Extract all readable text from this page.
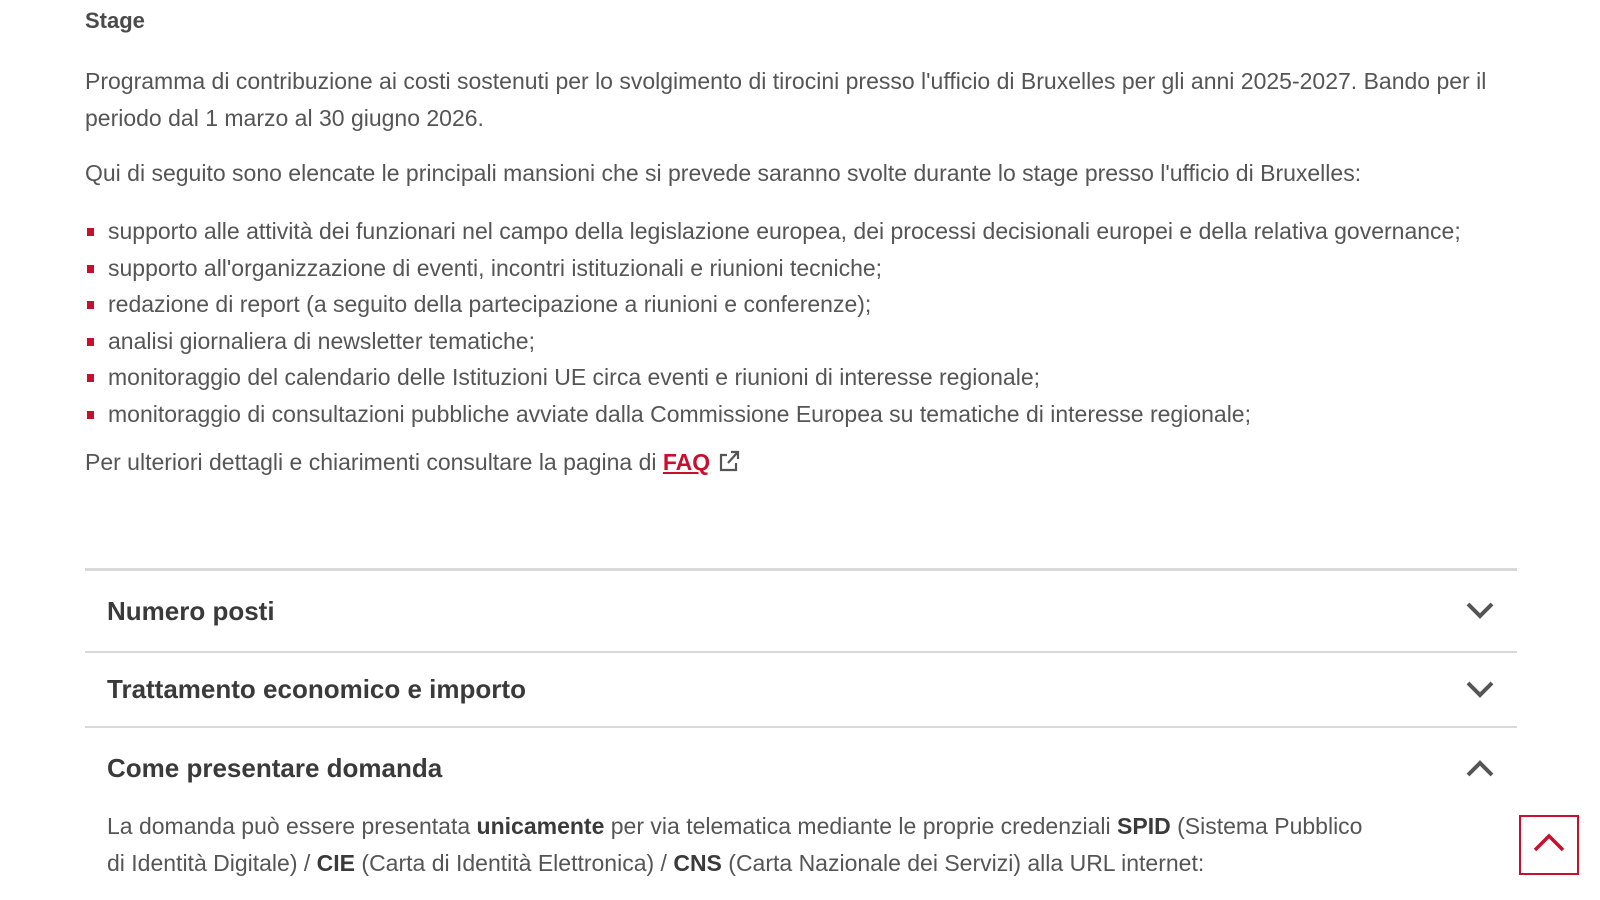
Stage
Programma di contribuzione ai costi sostenuti per lo svolgimento di tirocini presso l'ufficio di Bruxelles per gli anni 2025-2027. Bando per il periodo dal 1 marzo al 30 giugno 2026.
Qui di seguito sono elencate le principali mansioni che si prevede saranno svolte durante lo stage presso l'ufficio di Bruxelles:
supporto alle attività dei funzionari nel campo della legislazione europea, dei processi decisionali europei e della relativa governance;
supporto all'organizzazione di eventi, incontri istituzionali e riunioni tecniche;
redazione di report (a seguito della partecipazione a riunioni e conferenze);
analisi giornaliera di newsletter tematiche;
monitoraggio del calendario delle Istituzioni UE circa eventi e riunioni di interesse regionale;
monitoraggio di consultazioni pubbliche avviate dalla Commissione Europea su tematiche di interesse regionale;
Per ulteriori dettagli e chiarimenti consultare la pagina di FAQ
Numero posti
Trattamento economico e importo
Come presentare domanda
La domanda può essere presentata unicamente per via telematica mediante le proprie credenziali SPID (Sistema Pubblico di Identità Digitale) / CIE (Carta di Identità Elettronica) / CNS (Carta Nazionale dei Servizi) alla URL internet:
